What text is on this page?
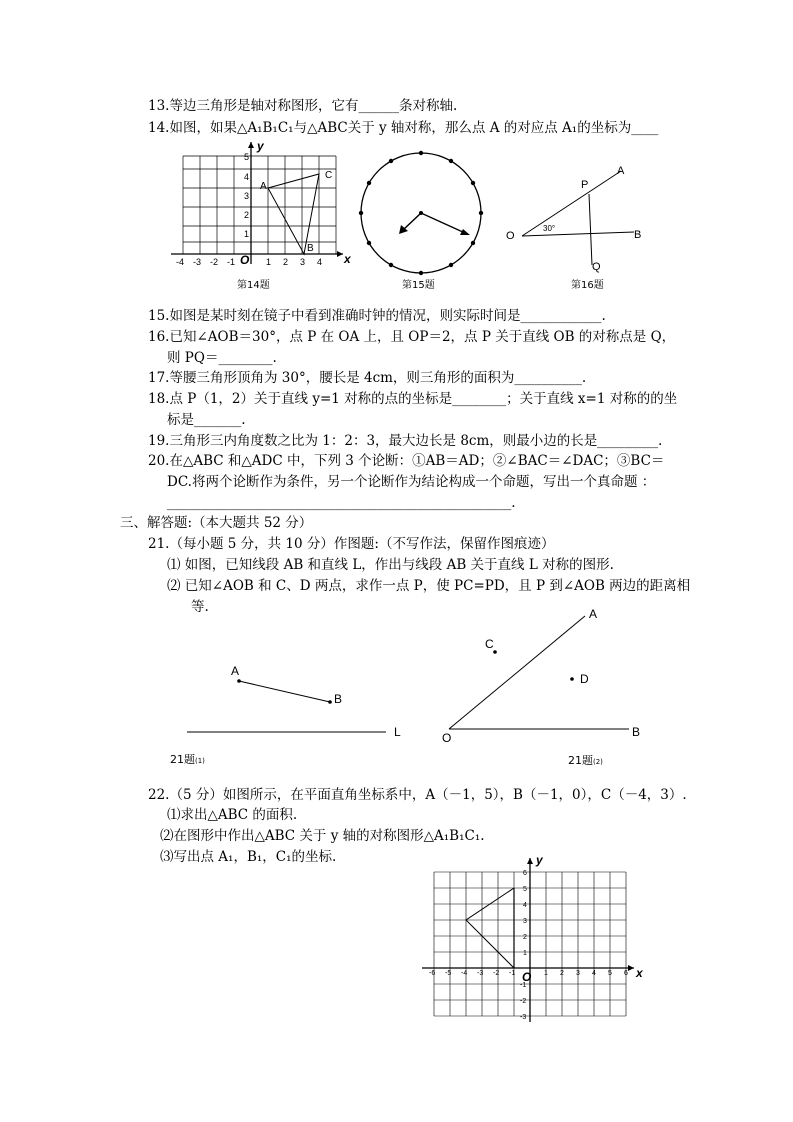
13.等边三角形是轴对称图形，它有______条对称轴.
14.如图，如果△A₁B₁C₁与△ABC关于 y 轴对称，那么点 A 的对应点 A₁的坐标为____
A
C
B
x
y
O
-4 -3 -2 -1	1 2 3 4
1
2
3
4
5
第14题	第15题
O
P
A
B
Q
30°
第16题
15.如图是某时刻在镜子中看到准确时钟的情况，则实际时间是____________.
16.已知∠AOB＝30°，点 P 在 OA 上，且 OP＝2，点 P 关于直线 OB 的对称点是 Q，
则 PQ＝________.
17.等腰三角形顶角为 30°，腰长是 4cm，则三角形的面积为__________.
18.点 P（1，2）关于直线 y=1 对称的点的坐标是________；关于直线 x=1 对称的的坐
标是_______.
19.三角形三内角度数之比为 1：2：3，最大边长是 8cm，则最小边的长是_________.
20.在△ABC 和△ADC 中，下列 3 个论断：①AB＝AD；②∠BAC＝∠DAC；③BC＝
DC.将两个论断作为条件，另一个论断作为结论构成一个命题，写出一个真命题 ：
___________________________________________________.
三、解答题:（本大题共 52 分）
21.（每小题 5 分，共 10 分）作图题:（不写作法，保留作图痕迹）
⑴ 如图，已知线段 AB 和直线 L，作出与线段 AB 关于直线 L 对称的图形.
⑵ 已知∠AOB 和 C、D 两点，求作一点 P，使 PC=PD，且 P 到∠AOB 两边的距离相
等.
A
B
L
21题(1)
A
B
O
C
D
21题(2)
22.（5 分）如图所示，在平面直角坐标系中，A（－1，5），B（－1，0），C（－4，3）.
⑴求出△ABC 的面积.
⑵在图形中作出△ABC 关于 y 轴的对称图形△A₁B₁C₁.
⑶写出点 A₁，B₁，C₁的坐标.
x
y
O
-6 -5 -4 -3 -2 -1	1 2 3 4 5 6
6
5
4
3
2
1
-1
-2
-3
